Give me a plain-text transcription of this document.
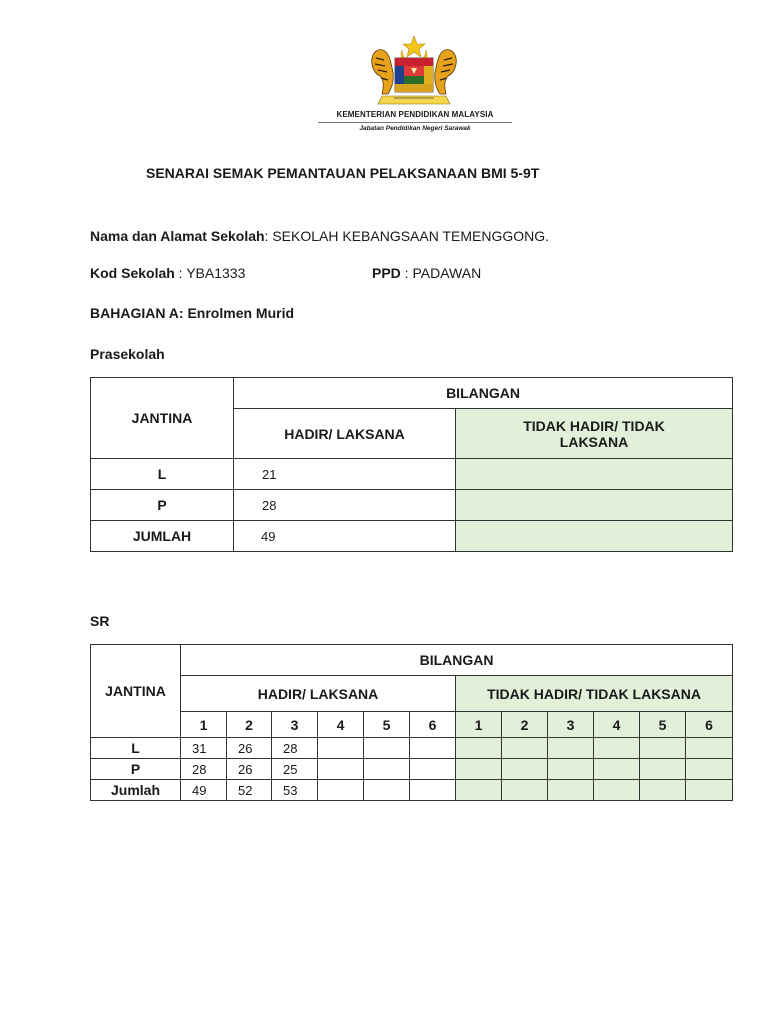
KEMENTERIAN PENDIDIKAN MALAYSIA
Jabatan Pendidikan Negeri Sarawak
SENARAI SEMAK PEMANTAUAN PELAKSANAAN BMI 5-9T
Nama dan Alamat Sekolah: SEKOLAH KEBANGSAAN TEMENGGONG.
Kod Sekolah : YBA1333	PPD : PADAWAN
BAHAGIAN A: Enrolmen Murid
Prasekolah
JANTINA	BILANGAN	
	HADIR/ LAKSANA	TIDAK HADIR/ TIDAK
LAKSANA
L	21	
P	28	
JUMLAH	49	
SR
JANTINA	BILANGAN											
	HADIR/ LAKSANA						TIDAK HADIR/ TIDAK LAKSANA					
	1	2	3	4	5	6	1	2	3	4	5	6
L	31	26	28									
P	28	26	25									
Jumlah	49	52	53									
